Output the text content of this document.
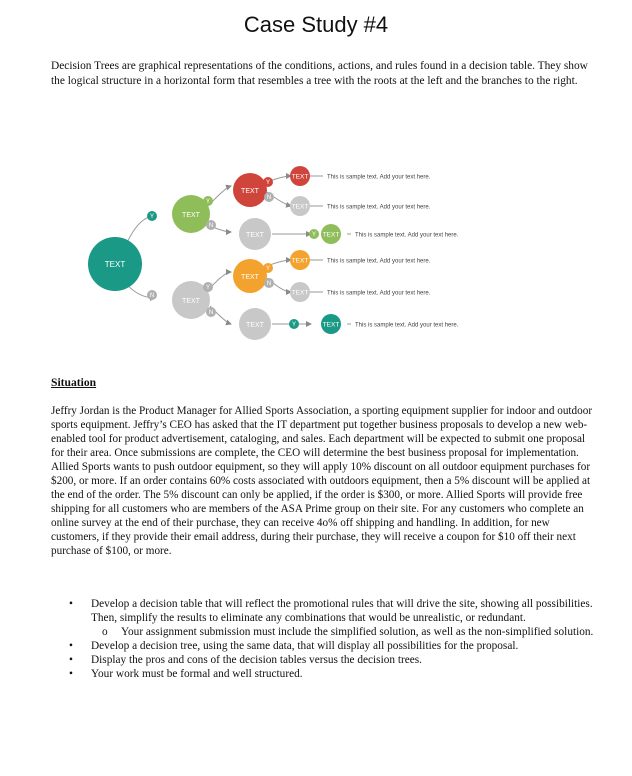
Case Study #4

Decision Trees are graphical representations of the conditions, actions, and rules found in a decision table. They show the logical structure in a horizontal form that resembles a tree with the roots at the left and the branches to the right.

TEXT
TEXT
TEXT
TEXT
TEXT
TEXT
TEXT
TEXT	This is sample text. Add your text here.
TEXT	This is sample text. Add your text here.
TEXT	This is sample text. Add your text here.
TEXT	This is sample text. Add your text here.
TEXT	This is sample text. Add your text here.
TEXT	This is sample text. Add your text here.
Y
N
Y
N
Y
N
Y
N
Y
N
Y
Y

Situation

Jeffry Jordan is the Product Manager for Allied Sports Association, a sporting equipment supplier for indoor and outdoor sports equipment. Jeffry’s CEO has asked that the IT department put together business proposals to develop a new web-enabled tool for product advertisement, cataloging, and sales. Each department will be expected to submit one proposal for their area. Once submissions are complete, the CEO will determine the best business proposal for implementation. Allied Sports wants to push outdoor equipment, so they will apply 10% discount on all outdoor equipment purchases for $200, or more. If an order contains 60% costs associated with outdoors equipment, then a 5% discount will be applied at the end of the order. The 5% discount can only be applied, if the order is $300, or more. Allied Sports will provide free shipping for all customers who are members of the ASA Prime group on their site. For any customers who complete an online survey at the end of their purchase, they can receive 4o% off shipping and handling. In addition, for new customers, if they provide their email address, during their purchase, they will receive a coupon for $10 off their next purchase of $100, or more.

• Develop a decision table that will reflect the promotional rules that will drive the site, showing all possibilities. Then, simplify the results to eliminate any combinations that would be unrealistic, or redundant.
o Your assignment submission must include the simplified solution, as well as the non-simplified solution.
• Develop a decision tree, using the same data, that will display all possibilities for the proposal.
• Display the pros and cons of the decision tables versus the decision trees.
• Your work must be formal and well structured.
